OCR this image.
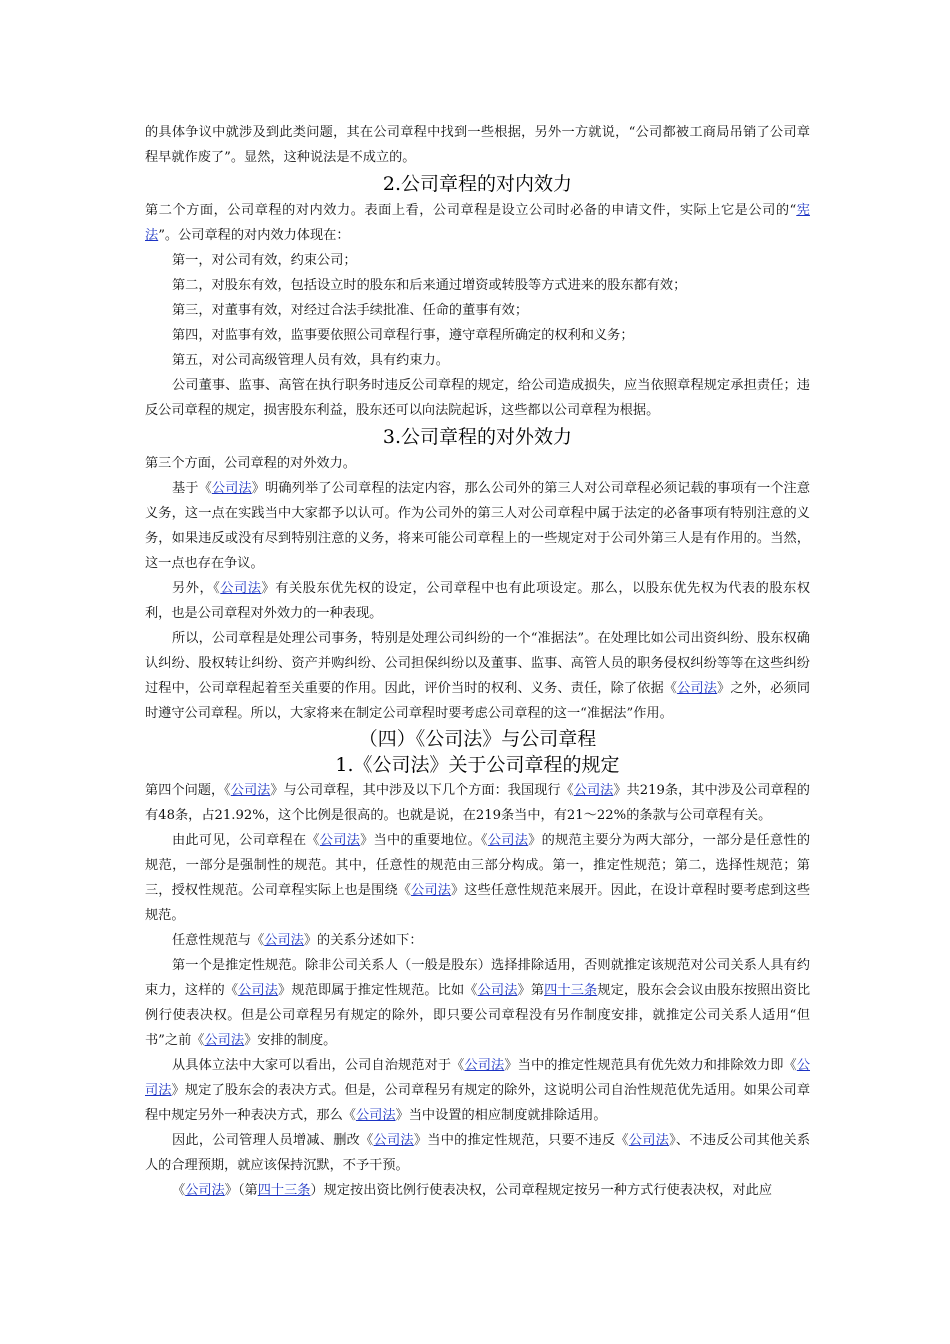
的具体争议中就涉及到此类问题，其在公司章程中找到一些根据，另外一方就说，“公司都被工商局吊销了公司章程早就作废了”。显然，这种说法是不成立的。

2.公司章程的对内效力

第二个方面，公司章程的对内效力。表面上看，公司章程是设立公司时必备的申请文件，实际上它是公司的“宪法”。公司章程的对内效力体现在：

第一，对公司有效，约束公司；

第二，对股东有效，包括设立时的股东和后来通过增资或转股等方式进来的股东都有效；

第三，对董事有效，对经过合法手续批准、任命的董事有效；

第四，对监事有效，监事要依照公司章程行事，遵守章程所确定的权利和义务；

第五，对公司高级管理人员有效，具有约束力。

公司董事、监事、高管在执行职务时违反公司章程的规定，给公司造成损失，应当依照章程规定承担责任；违反公司章程的规定，损害股东利益，股东还可以向法院起诉，这些都以公司章程为根据。

3.公司章程的对外效力

第三个方面，公司章程的对外效力。

基于《公司法》明确列举了公司章程的法定内容，那么公司外的第三人对公司章程必须记载的事项有一个注意义务，这一点在实践当中大家都予以认可。作为公司外的第三人对公司章程中属于法定的必备事项有特别注意的义务，如果违反或没有尽到特别注意的义务，将来可能公司章程上的一些规定对于公司外第三人是有作用的。当然，这一点也存在争议。

另外，《公司法》有关股东优先权的设定，公司章程中也有此项设定。那么，以股东优先权为代表的股东权利，也是公司章程对外效力的一种表现。

所以，公司章程是处理公司事务，特别是处理公司纠纷的一个“准据法”。在处理比如公司出资纠纷、股东权确认纠纷、股权转让纠纷、资产并购纠纷、公司担保纠纷以及董事、监事、高管人员的职务侵权纠纷等等在这些纠纷过程中，公司章程起着至关重要的作用。因此，评价当时的权利、义务、责任，除了依据《公司法》之外，必须同时遵守公司章程。所以，大家将来在制定公司章程时要考虑公司章程的这一“准据法”作用。

（四）《公司法》与公司章程

1.《公司法》关于公司章程的规定

第四个问题，《公司法》与公司章程，其中涉及以下几个方面：我国现行《公司法》共219条，其中涉及公司章程的有48条，占21.92%，这个比例是很高的。也就是说，在219条当中，有21～22%的条款与公司章程有关。

由此可见，公司章程在《公司法》当中的重要地位。《公司法》的规范主要分为两大部分，一部分是任意性的规范，一部分是强制性的规范。其中，任意性的规范由三部分构成。第一，推定性规范；第二，选择性规范；第三，授权性规范。公司章程实际上也是围绕《公司法》这些任意性规范来展开。因此，在设计章程时要考虑到这些规范。

任意性规范与《公司法》的关系分述如下：

第一个是推定性规范。除非公司关系人（一般是股东）选择排除适用，否则就推定该规范对公司关系人具有约束力，这样的《公司法》规范即属于推定性规范。比如《公司法》第四十三条规定，股东会会议由股东按照出资比例行使表决权。但是公司章程另有规定的除外，即只要公司章程没有另作制度安排，就推定公司关系人适用“但书”之前《公司法》安排的制度。

从具体立法中大家可以看出，公司自治规范对于《公司法》当中的推定性规范具有优先效力和排除效力即《公司法》规定了股东会的表决方式。但是，公司章程另有规定的除外，这说明公司自治性规范优先适用。如果公司章程中规定另外一种表决方式，那么《公司法》当中设置的相应制度就排除适用。

因此，公司管理人员增减、删改《公司法》当中的推定性规范，只要不违反《公司法》、不违反公司其他关系人的合理预期，就应该保持沉默，不予干预。

《公司法》（第四十三条）规定按出资比例行使表决权，公司章程规定按另一种方式行使表决权，对此应
